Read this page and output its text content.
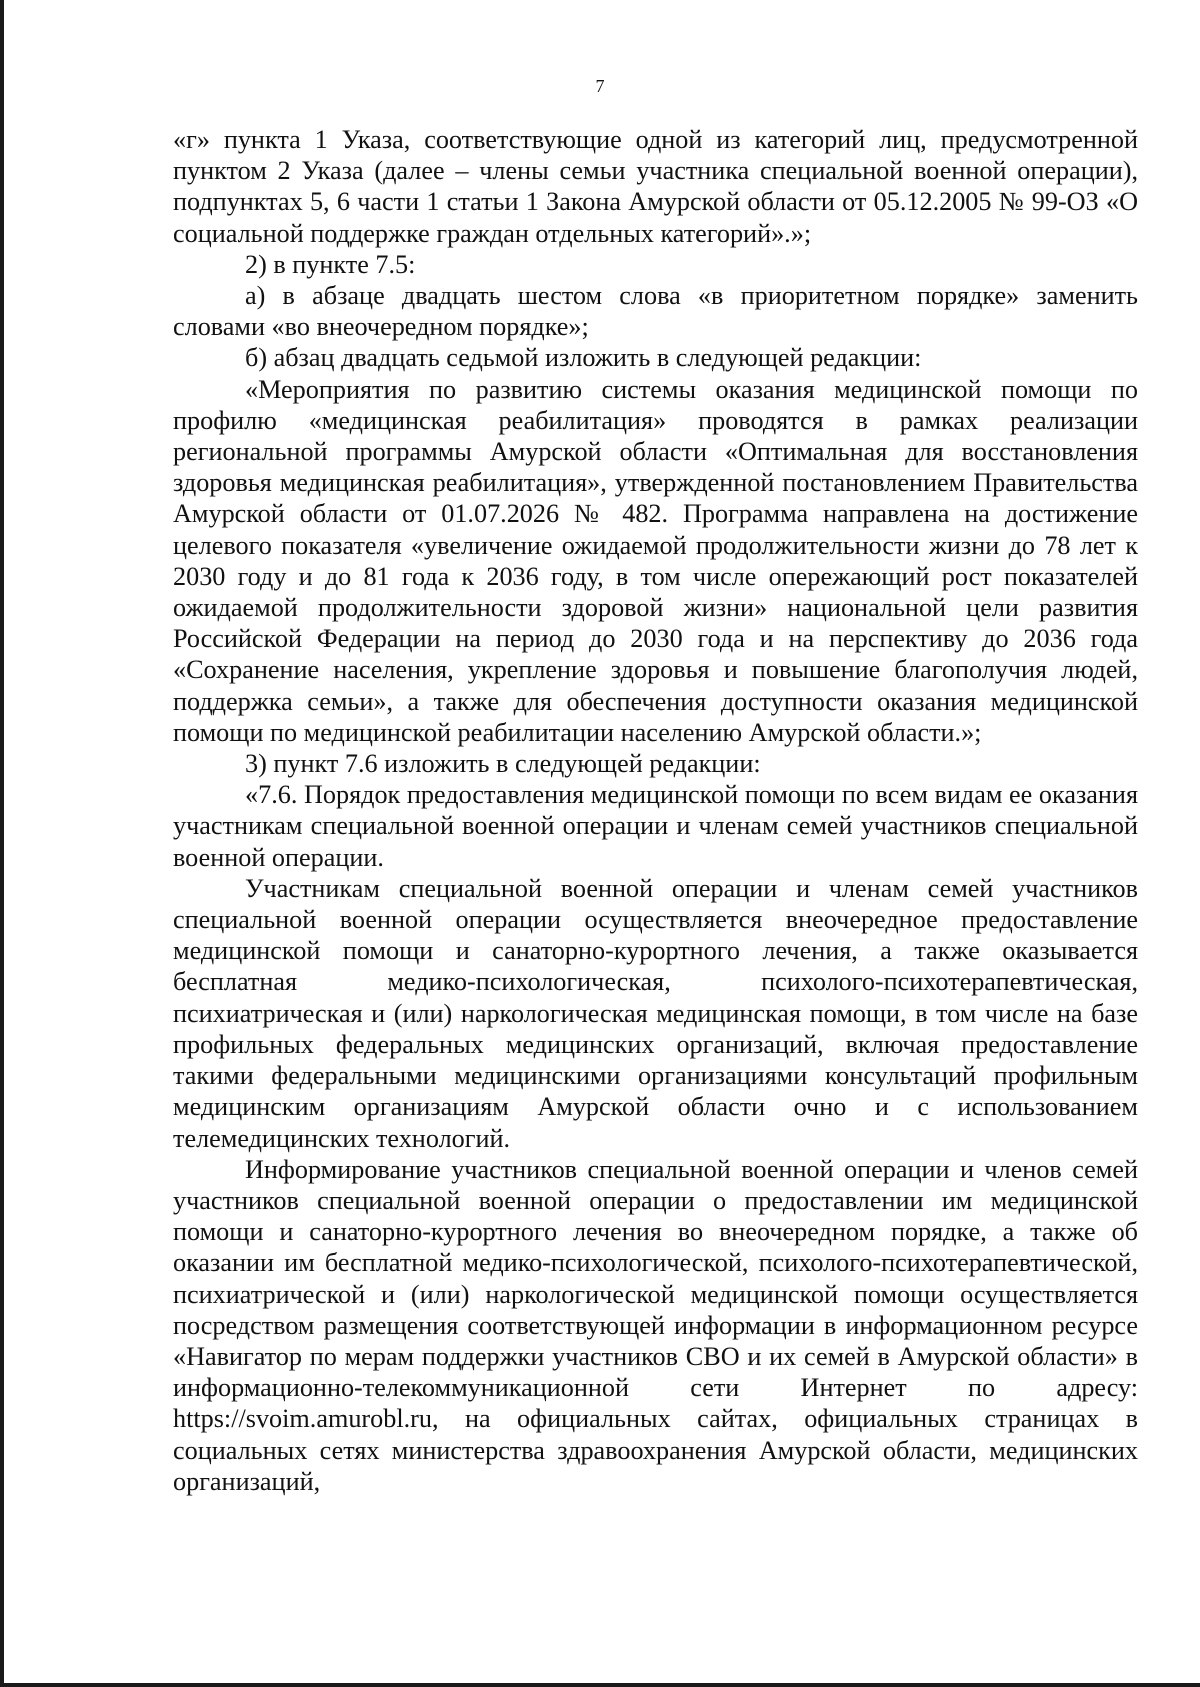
7

«г» пункта 1 Указа, соответствующие одной из категорий лиц, предусмотренной пунктом 2 Указа (далее – члены семьи участника специальной военной операции), подпунктах 5, 6 части 1 статьи 1 Закона Амурской области от 05.12.2005 № 99-ОЗ «О социальной поддержке граждан отдельных категорий».»;

2) в пункте 7.5:

а) в абзаце двадцать шестом слова «в приоритетном порядке» заменить словами «во внеочередном порядке»;

б) абзац двадцать седьмой изложить в следующей редакции:

«Мероприятия по развитию системы оказания медицинской помощи по профилю «медицинская реабилитация» проводятся в рамках реализации региональной программы Амурской области «Оптимальная для восстановления здоровья медицинская реабилитация», утвержденной постановлением Правительства Амурской области от 01.07.2026 № 482. Программа направлена на достижение целевого показателя «увеличение ожидаемой продолжительности жизни до 78 лет к 2030 году и до 81 года к 2036 году, в том числе опережающий рост показателей ожидаемой продолжительности здоровой жизни» национальной цели развития Российской Федерации на период до 2030 года и на перспективу до 2036 года «Сохранение населения, укрепление здоровья и повышение благополучия людей, поддержка семьи», а также для обеспечения доступности оказания медицинской помощи по медицинской реабилитации населению Амурской области.»;

3) пункт 7.6 изложить в следующей редакции:

«7.6. Порядок предоставления медицинской помощи по всем видам ее оказания участникам специальной военной операции и членам семей участников специальной военной операции.

Участникам специальной военной операции и членам семей участников специальной военной операции осуществляется внеочередное предоставление медицинской помощи и санаторно-курортного лечения, а также оказывается бесплатная медико-психологическая, психолого-психотерапевтическая, психиатрическая и (или) наркологическая медицинская помощи, в том числе на базе профильных федеральных медицинских организаций, включая предоставление такими федеральными медицинскими организациями консультаций профильным медицинским организациям Амурской области очно и с использованием телемедицинских технологий.

Информирование участников специальной военной операции и членов семей участников специальной военной операции о предоставлении им медицинской помощи и санаторно-курортного лечения во внеочередном порядке, а также об оказании им бесплатной медико-психологической, психолого-психотерапевтической, психиатрической и (или) наркологической медицинской помощи осуществляется посредством размещения соответствующей информации в информационном ресурсе «Навигатор по мерам поддержки участников СВО и их семей в Амурской области» в информационно-телекоммуникационной сети Интернет по адресу: https://svoim.amurobl.ru, на официальных сайтах, официальных страницах в социальных сетях министерства здравоохранения Амурской области, медицинских организаций,
